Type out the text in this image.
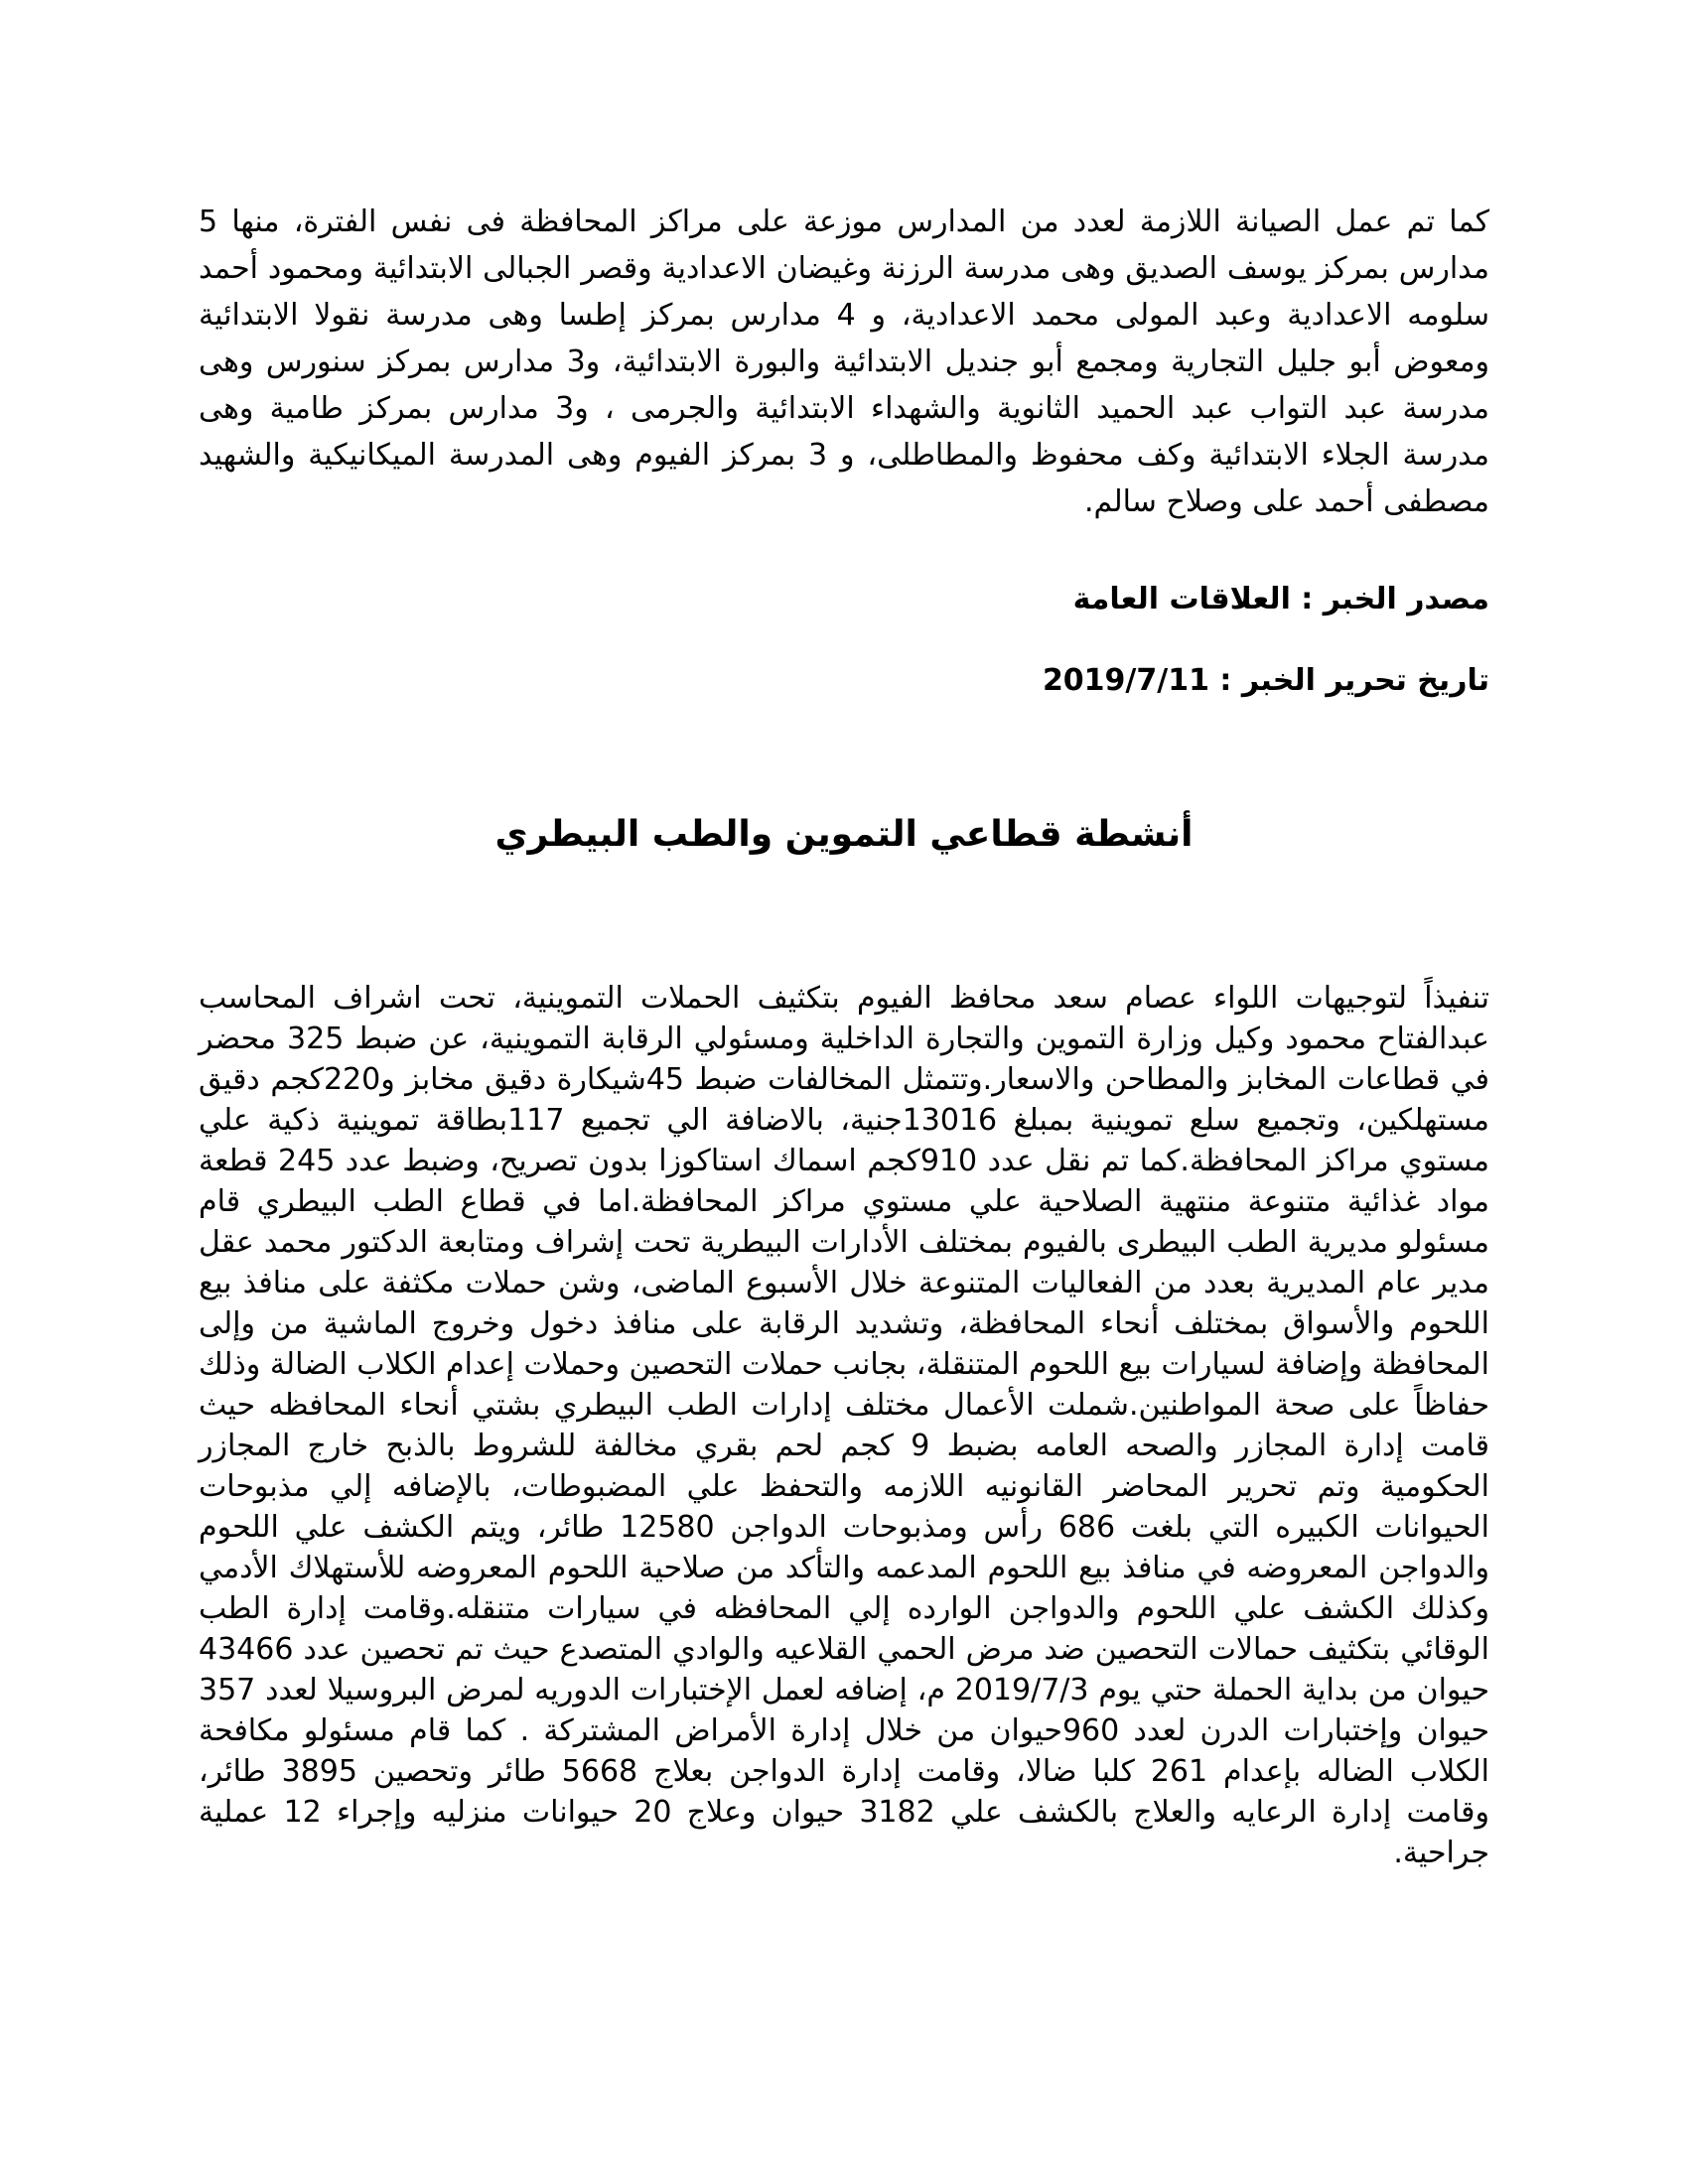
كما تم عمل الصيانة اللازمة لعدد من المدارس موزعة على مراكز المحافظة فى نفس الفترة، منها 5 مدارس بمركز يوسف الصديق وهى مدرسة الرزنة وغيضان الاعدادية وقصر الجبالى الابتدائية ومحمود أحمد سلومه الاعدادية وعبد المولى محمد الاعدادية، و 4 مدارس بمركز إطسا وهى مدرسة نقولا الابتدائية ومعوض أبو جليل التجارية ومجمع أبو جنديل الابتدائية والبورة الابتدائية، و3 مدارس بمركز سنورس وهى مدرسة عبد التواب عبد الحميد الثانوية والشهداء الابتدائية والجرمى ، و3 مدارس بمركز طامية وهى مدرسة الجلاء الابتدائية وكف محفوظ والمطاطلى، و 3 بمركز الفيوم وهى المدرسة الميكانيكية والشهيد مصطفى أحمد على وصلاح سالم.

مصدر الخبر : العلاقات العامة

تاريخ تحرير الخبر : 2019/7/11

أنشطة قطاعي التموين والطب البيطري

تنفيذاً لتوجيهات اللواء عصام سعد محافظ الفيوم بتكثيف الحملات التموينية، تحت اشراف المحاسب عبدالفتاح محمود وكيل وزارة التموين والتجارة الداخلية ومسئولي الرقابة التموينية، عن ضبط 325 محضر في قطاعات المخابز والمطاحن والاسعار.وتتمثل المخالفات ضبط 45شيكارة دقيق مخابز و220كجم دقيق مستهلكين، وتجميع سلع تموينية بمبلغ 13016جنية، بالاضافة الي تجميع 117بطاقة تموينية ذكية علي مستوي مراكز المحافظة.كما تم نقل عدد 910كجم اسماك استاكوزا بدون تصريح، وضبط عدد 245 قطعة مواد غذائية متنوعة منتهية الصلاحية علي مستوي مراكز المحافظة.اما في قطاع الطب البيطري قام مسئولو مديرية الطب البيطرى بالفيوم بمختلف الأدارات البيطرية تحت إشراف ومتابعة الدكتور محمد عقل مدير عام المديرية بعدد من الفعاليات المتنوعة خلال الأسبوع الماضى، وشن حملات مكثفة على منافذ بيع اللحوم والأسواق بمختلف أنحاء المحافظة، وتشديد الرقابة على منافذ دخول وخروج الماشية من وإلى المحافظة وإضافة لسيارات بيع اللحوم المتنقلة، بجانب حملات التحصين وحملات إعدام الكلاب الضالة وذلك حفاظاً على صحة المواطنين.شملت الأعمال مختلف إدارات الطب البيطري بشتي أنحاء المحافظه حيث قامت إدارة المجازر والصحه العامه بضبط 9 كجم لحم بقري مخالفة للشروط بالذبح خارج المجازر الحكومية وتم تحرير المحاضر القانونيه اللازمه والتحفظ علي المضبوطات، بالإضافه إلي مذبوحات الحيوانات الكبيره التي بلغت 686 رأس ومذبوحات الدواجن 12580 طائر، ويتم الكشف علي اللحوم والدواجن المعروضه في منافذ بيع اللحوم المدعمه والتأكد من صلاحية اللحوم المعروضه للأستهلاك الأدمي وكذلك الكشف علي اللحوم والدواجن الوارده إلي المحافظه في سيارات متنقله.وقامت إدارة الطب الوقائي بتكثيف حمالات التحصين ضد مرض الحمي القلاعيه والوادي المتصدع حيث تم تحصين عدد 43466 حيوان من بداية الحملة حتي يوم 2019/7/3 م، إضافه لعمل الإختبارات الدوريه لمرض البروسيلا لعدد 357 حيوان وإختبارات الدرن لعدد 960حيوان من خلال إدارة الأمراض المشتركة . كما قام مسئولو مكافحة الكلاب الضاله بإعدام 261 كلبا ضالا، وقامت إدارة الدواجن بعلاج 5668 طائر وتحصين 3895 طائر، وقامت إدارة الرعايه والعلاج بالكشف علي 3182 حيوان وعلاج 20 حيوانات منزليه وإجراء 12 عملية جراحية.
